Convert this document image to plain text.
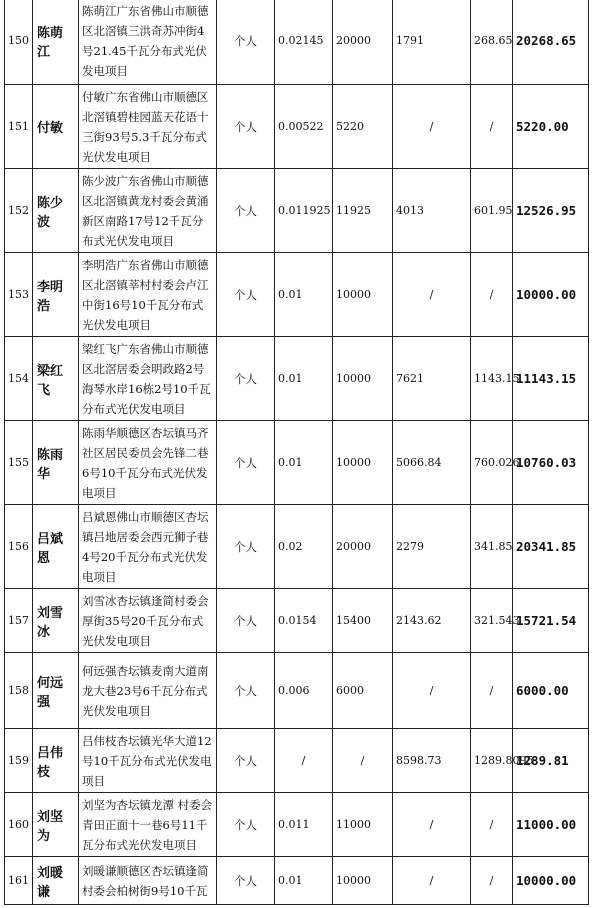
150	陈萌江	陈萌江广东省佛山市顺德区北滘镇三洪奇苏冲街4号21.45千瓦分布式光伏发电项目	个人	0.02145	20000	1791	268.65	20268.65
151	付敏	付敏广东省佛山市顺德区北滘镇碧桂园蓝天花语十三街93号5.3千瓦分布式光伏发电项目	个人	0.00522	5220	/	/	5220.00
152	陈少波	陈少波广东省佛山市顺德区北滘镇黄龙村委会黄涌新区南路17号12千瓦分布式光伏发电项目	个人	0.011925	11925	4013	601.95	12526.95
153	李明浩	李明浩广东省佛山市顺德区北滘镇莘村村委会卢江中街16号10千瓦分布式光伏发电项目	个人	0.01	10000	/	/	10000.00
154	梁红飞	梁红飞广东省佛山市顺德区北滘居委会明政路2号海琴水岸16栋2号10千瓦分布式光伏发电项目	个人	0.01	10000	7621	1143.15	11143.15
155	陈雨华	陈雨华顺德区杏坛镇马齐社区居民委员会先锋二巷6号10千瓦分布式光伏发电项目	个人	0.01	10000	5066.84	760.026	10760.03
156	吕斌恩	吕斌恩佛山市顺德区杏坛镇吕地居委会西元狮子巷4号20千瓦分布式光伏发电项目	个人	0.02	20000	2279	341.85	20341.85
157	刘雪冰	刘雪冰杏坛镇逢简村委会厚街35号20千瓦分布式光伏发电项目	个人	0.0154	15400	2143.62	321.543	15721.54
158	何远强	何远强杏坛镇麦南大道南龙大巷23号6千瓦分布式光伏发电项目	个人	0.006	6000	/	/	6000.00
159	吕伟枝	吕伟枝杏坛镇光华大道12号10千瓦分布式光伏发电项目	个人	/	/	8598.73	1289.8095	1289.81
160	刘坚为	刘坚为杏坛镇龙潭 村委会青田正面十一巷6号11千瓦分布式光伏发电项目	个人	0.011	11000	/	/	11000.00
161	刘暖谦	刘暖谦顺德区杏坛镇逢简村委会柏树街9号10千瓦	个人	0.01	10000	/	/	10000.00
